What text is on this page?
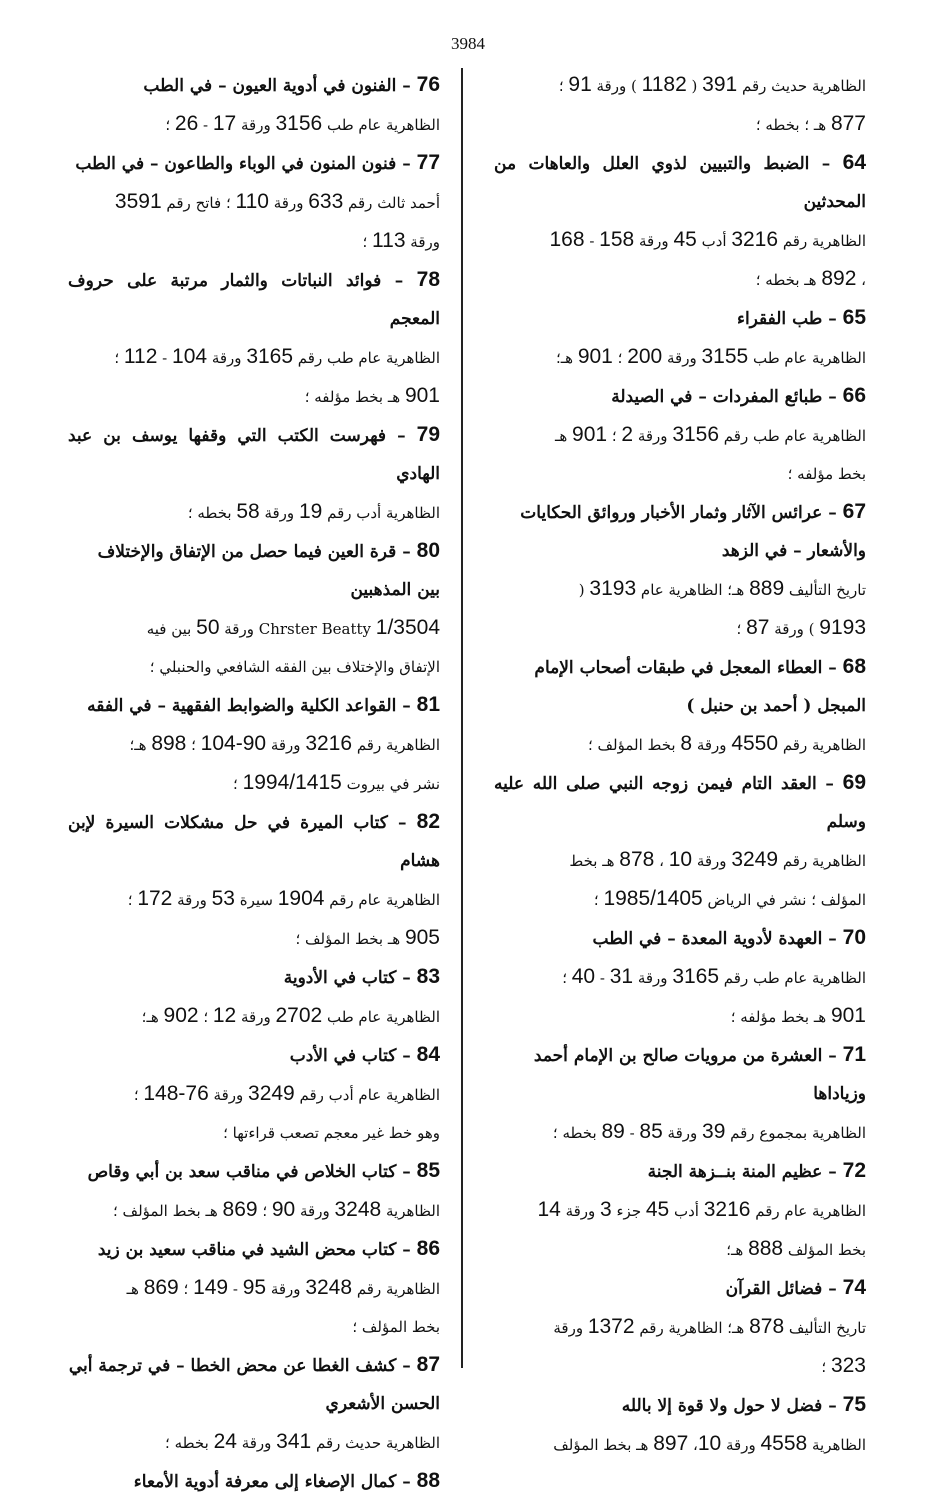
3984
الظاهرية حديث رقم 391 ( 1182 ) ورقة 91 ؛
877 هـ ؛ بخطه ؛
64 – الضبط والتبيين لذوي العلل والعاهات من المحدثين
الظاهرية رقم 3216 أدب 45 ورقة 158 - 168
، 892 هـ بخطه ؛
65 – طب الفقراء
الظاهرية عام طب 3155 ورقة 200 ؛ 901 هـ؛
66 – طبائع المفردات – في الصيدلة
الظاهرية عام طب رقم 3156 ورقة 2 ؛ 901 هـ
بخط مؤلفه ؛
67 – عرائس الآثار وثمار الأخبار وروائق الحكايات
والأشعار – في الزهد
تاريخ التأليف 889 هـ؛ الظاهرية عام 3193 (
9193 ) ورقة 87 ؛
68 – العطاء المعجل في طبقات أصحاب الإمام
المبجل ( أحمد بن حنبل )
الظاهرية رقم 4550 ورقة 8 بخط المؤلف ؛
69 – العقد التام فيمن زوجه النبي صلى الله عليه وسلم
الظاهرية رقم 3249 ورقة 10 ، 878 هـ بخط
المؤلف ؛ نشر في الرياض 1985/1405 ؛
70 – العهدة لأدوية المعدة – في الطب
الظاهرية عام طب رقم 3165 ورقة 31 - 40 ؛
901 هـ بخط مؤلفه ؛
71 – العشرة من مرويات صالح بن الإمام أحمد
وزياداها
الظاهرية بمجموع رقم 39 ورقة 85 - 89 بخطه ؛
72 – عظيم المنة بنــزهة الجنة
الظاهرية عام رقم 3216 أدب 45 جزء 3 ورقة 14
بخط المؤلف 888 هـ؛
74 – فضائل القرآن
تاريخ التأليف 878 هـ؛ الظاهرية رقم 1372 ورقة
323 ؛
75 – فضل لا حول ولا قوة إلا بالله
الظاهرية 4558 ورقة 10، 897 هـ بخط المؤلف
76 – الفنون في أدوية العيون – في الطب
الظاهرية عام طب 3156 ورقة 17 - 26 ؛
77 – فنون المنون في الوباء والطاعون – في الطب
أحمد ثالث رقم 633 ورقة 110 ؛ فاتح رقم 3591
ورقة 113 ؛
78 – فوائد النباتات والثمار مرتبة على حروف المعجم
الظاهرية عام طب رقم 3165 ورقة 104 - 112 ؛
901 هـ بخط مؤلفه ؛
79 – فهرست الكتب التي وقفها يوسف بن عبد الهادي
الظاهرية أدب رقم 19 ورقة 58 بخطه ؛
80 – قرة العين فيما حصل من الإتفاق والإختلاف
بين المذهبين
1/3504 Chrster Beatty ورقة 50 بين فيه
الإتفاق والإختلاف بين الفقه الشافعي والحنبلي ؛
81 – القواعد الكلية والضوابط الفقهية – في الفقه
الظاهرية رقم 3216 ورقة 90-104 ؛ 898 هـ؛
نشر في بيروت 1994/1415 ؛
82 – كتاب الميرة في حل مشكلات السيرة لإبن هشام
الظاهرية عام رقم 1904 سيرة 53 ورقة 172 ؛
905 هـ بخط المؤلف ؛
83 – كتاب في الأدوية
الظاهرية عام طب 2702 ورقة 12 ؛ 902 هـ؛
84 – كتاب في الأدب
الظاهرية عام أدب رقم 3249 ورقة 76-148 ؛
وهو خط غير معجم تصعب قراءتها ؛
85 – كتاب الخلاص في مناقب سعد بن أبي وقاص
الظاهرية 3248 ورقة 90 ؛ 869 هـ بخط المؤلف ؛
86 – كتاب محض الشيد في مناقب سعيد بن زيد
الظاهرية رقم 3248 ورقة 95 - 149 ؛ 869 هـ
بخط المؤلف ؛
87 – كشف الغطا عن محض الخطا – في ترجمة أبي
الحسن الأشعري
الظاهرية حديث رقم 341 ورقة 24 بخطه ؛
88 – كمال الإصغاء إلى معرفة أدوية الأمعاء
